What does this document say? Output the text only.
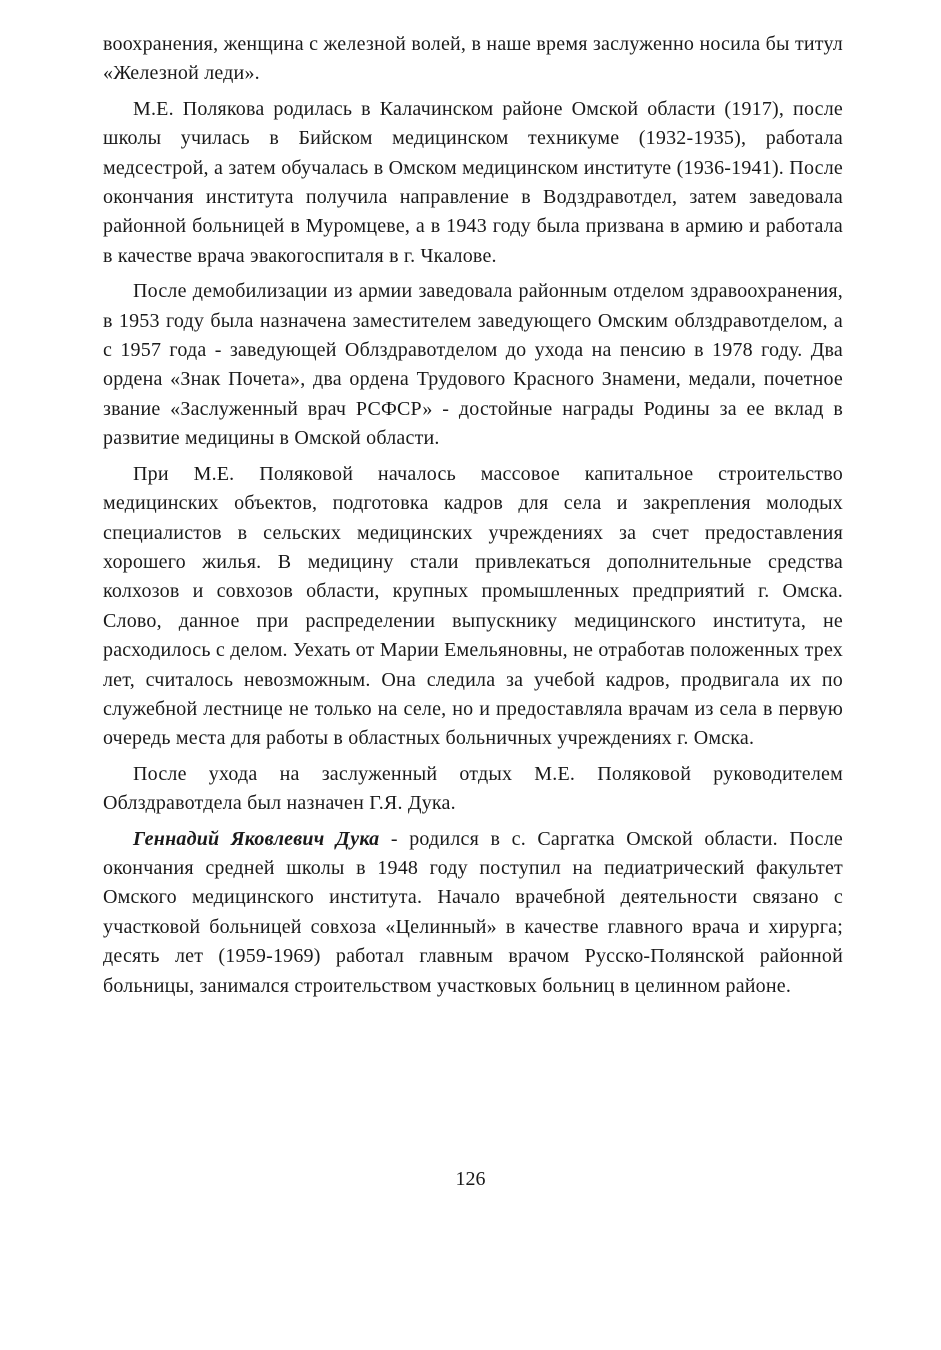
воохранения, женщина с железной волей, в наше время заслуженно носила бы титул «Железной леди».

М.Е. Полякова родилась в Калачинском районе Омской области (1917), после школы училась в Бийском медицинском техникуме (1932-1935), работала медсестрой, а затем обучалась в Омском медицинском институте (1936-1941). После окончания института получила направление в Водздравотдел, затем заведовала районной больницей в Муромцеве, а в 1943 году была призвана в армию и работала в качестве врача эвакогоспиталя в г. Чкалове.

После демобилизации из армии заведовала районным отделом здравоохранения, в 1953 году была назначена заместителем заведующего Омским облздравотделом, а с 1957 года - заведующей Облздравотделом до ухода на пенсию в 1978 году. Два ордена «Знак Почета», два ордена Трудового Красного Знамени, медали, почетное звание «Заслуженный врач РСФСР» - достойные награды Родины за ее вклад в развитие медицины в Омской области.

При М.Е. Поляковой началось массовое капитальное строительство медицинских объектов, подготовка кадров для села и закрепления молодых специалистов в сельских медицинских учреждениях за счет предоставления хорошего жилья. В медицину стали привлекаться дополнительные средства колхозов и совхозов области, крупных промышленных предприятий г. Омска. Слово, данное при распределении выпускнику медицинского института, не расходилось с делом. Уехать от Марии Емельяновны, не отработав положенных трех лет, считалось невозможным. Она следила за учебой кадров, продвигала их по служебной лестнице не только на селе, но и предоставляла врачам из села в первую очередь места для работы в областных больничных учреждениях г. Омска.

После ухода на заслуженный отдых М.Е. Поляковой руководителем Облздравотдела был назначен Г.Я. Дука.

Геннадий Яковлевич Дука - родился в с. Саргатка Омской области. После окончания средней школы в 1948 году поступил на педиатрический факультет Омского медицинского института. Начало врачебной деятельности связано с участковой больницей совхоза «Целинный» в качестве главного врача и хирурга; десять лет (1959-1969) работал главным врачом Русско-Полянской районной больницы, занимался строительством участковых больниц в целинном районе.

126
